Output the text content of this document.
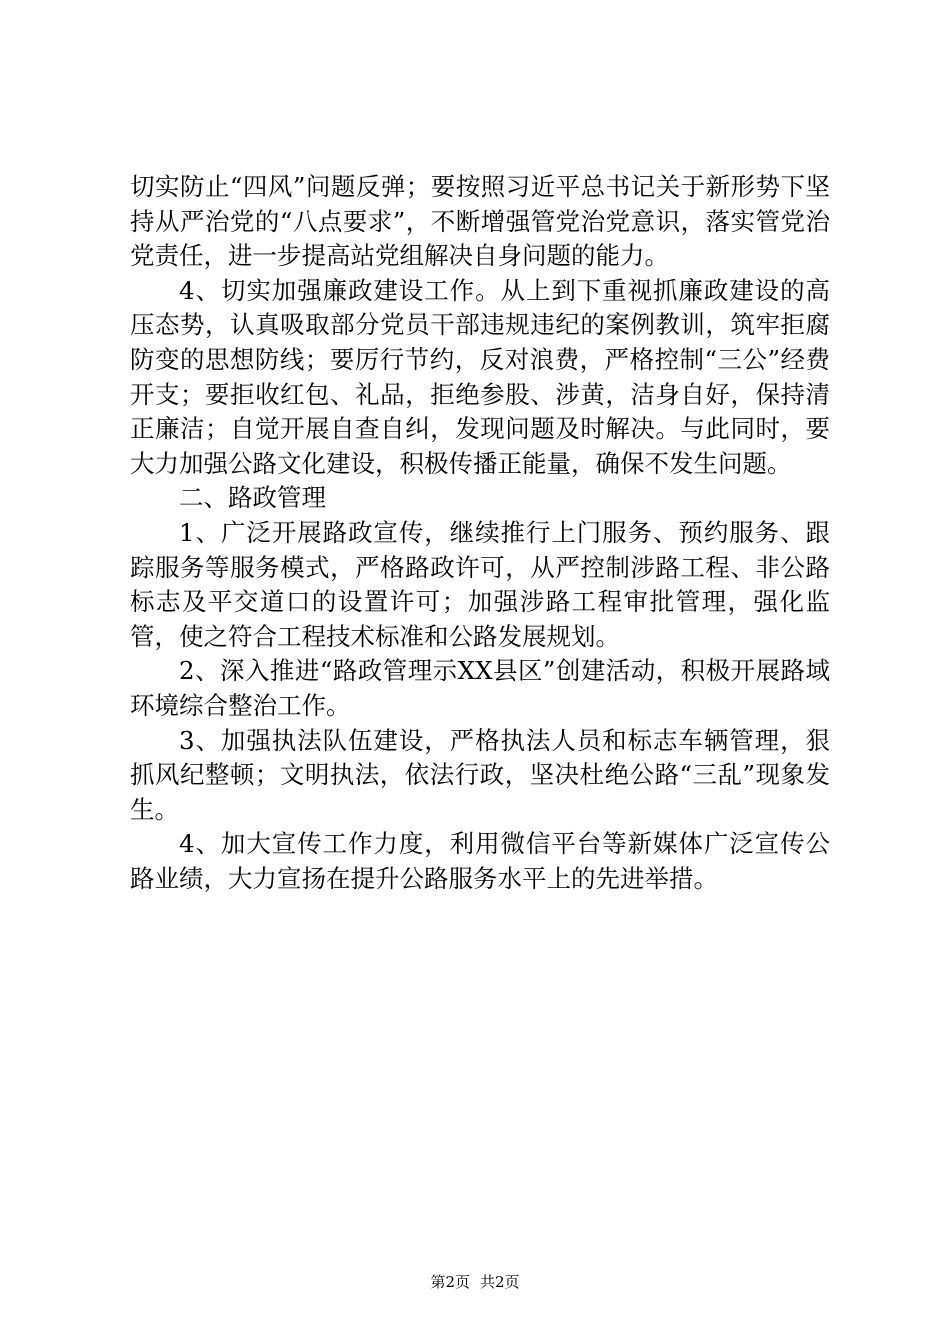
切实防止“四风”问题反弹；要按照习近平总书记关于新形势下坚持从严治党的“八点要求”，不断增强管党治党意识，落实管党治党责任，进一步提高站党组解决自身问题的能力。

4、切实加强廉政建设工作。从上到下重视抓廉政建设的高压态势，认真吸取部分党员干部违规违纪的案例教训，筑牢拒腐防变的思想防线；要厉行节约，反对浪费，严格控制“三公”经费开支；要拒收红包、礼品，拒绝参股、涉黄，洁身自好，保持清正廉洁；自觉开展自查自纠，发现问题及时解决。与此同时，要大力加强公路文化建设，积极传播正能量，确保不发生问题。

二、路政管理

1、广泛开展路政宣传，继续推行上门服务、预约服务、跟踪服务等服务模式，严格路政许可，从严控制涉路工程、非公路标志及平交道口的设置许可；加强涉路工程审批管理，强化监管，使之符合工程技术标准和公路发展规划。

2、深入推进“路政管理示XX县区”创建活动，积极开展路域环境综合整治工作。

3、加强执法队伍建设，严格执法人员和标志车辆管理，狠抓风纪整顿；文明执法，依法行政，坚决杜绝公路“三乱”现象发生。

4、加大宣传工作力度，利用微信平台等新媒体广泛宣传公路业绩，大力宣扬在提升公路服务水平上的先进举措。

第2页 共2页
